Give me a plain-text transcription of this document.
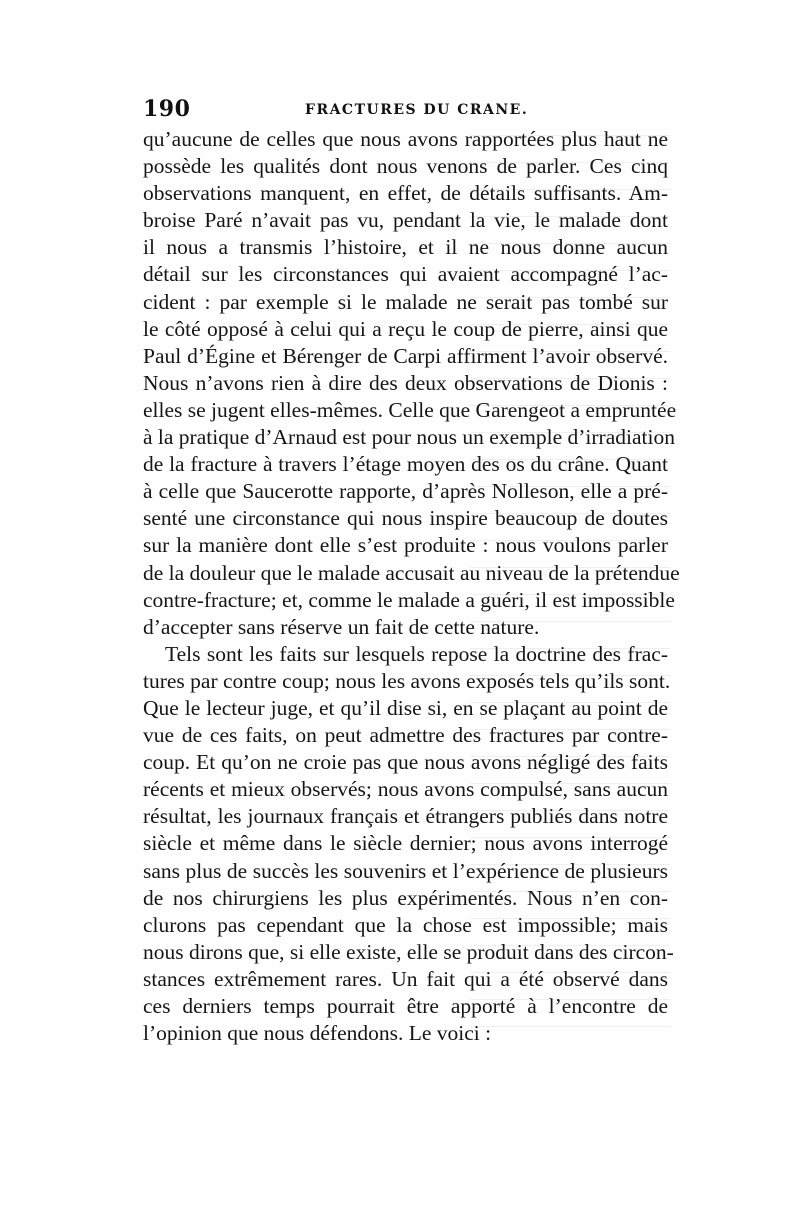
190	FRACTURES DU CRANE.
qu’aucune de celles que nous avons rapportées plus haut ne
possède les qualités dont nous venons de parler. Ces cinq
observations manquent, en effet, de détails suffisants. Am-
broise Paré n’avait pas vu, pendant la vie, le malade dont
il nous a transmis l’histoire, et il ne nous donne aucun
détail sur les circonstances qui avaient accompagné l’ac-
cident : par exemple si le malade ne serait pas tombé sur
le côté opposé à celui qui a reçu le coup de pierre, ainsi que
Paul d’Égine et Bérenger de Carpi affirment l’avoir observé.
Nous n’avons rien à dire des deux observations de Dionis :
elles se jugent elles-mêmes. Celle que Garengeot a empruntée
à la pratique d’Arnaud est pour nous un exemple d’irradiation
de la fracture à travers l’étage moyen des os du crâne. Quant
à celle que Saucerotte rapporte, d’après Nolleson, elle a pré-
senté une circonstance qui nous inspire beaucoup de doutes
sur la manière dont elle s’est produite : nous voulons parler
de la douleur que le malade accusait au niveau de la prétendue
contre-fracture; et, comme le malade a guéri, il est impossible
d’accepter sans réserve un fait de cette nature.
Tels sont les faits sur lesquels repose la doctrine des frac-
tures par contre coup; nous les avons exposés tels qu’ils sont.
Que le lecteur juge, et qu’il dise si, en se plaçant au point de
vue de ces faits, on peut admettre des fractures par contre-
coup. Et qu’on ne croie pas que nous avons négligé des faits
récents et mieux observés; nous avons compulsé, sans aucun
résultat, les journaux français et étrangers publiés dans notre
siècle et même dans le siècle dernier; nous avons interrogé
sans plus de succès les souvenirs et l’expérience de plusieurs
de nos chirurgiens les plus expérimentés. Nous n’en con-
clurons pas cependant que la chose est impossible; mais
nous dirons que, si elle existe, elle se produit dans des circon-
stances extrêmement rares. Un fait qui a été observé dans
ces derniers temps pourrait être apporté à l’encontre de
l’opinion que nous défendons. Le voici :
